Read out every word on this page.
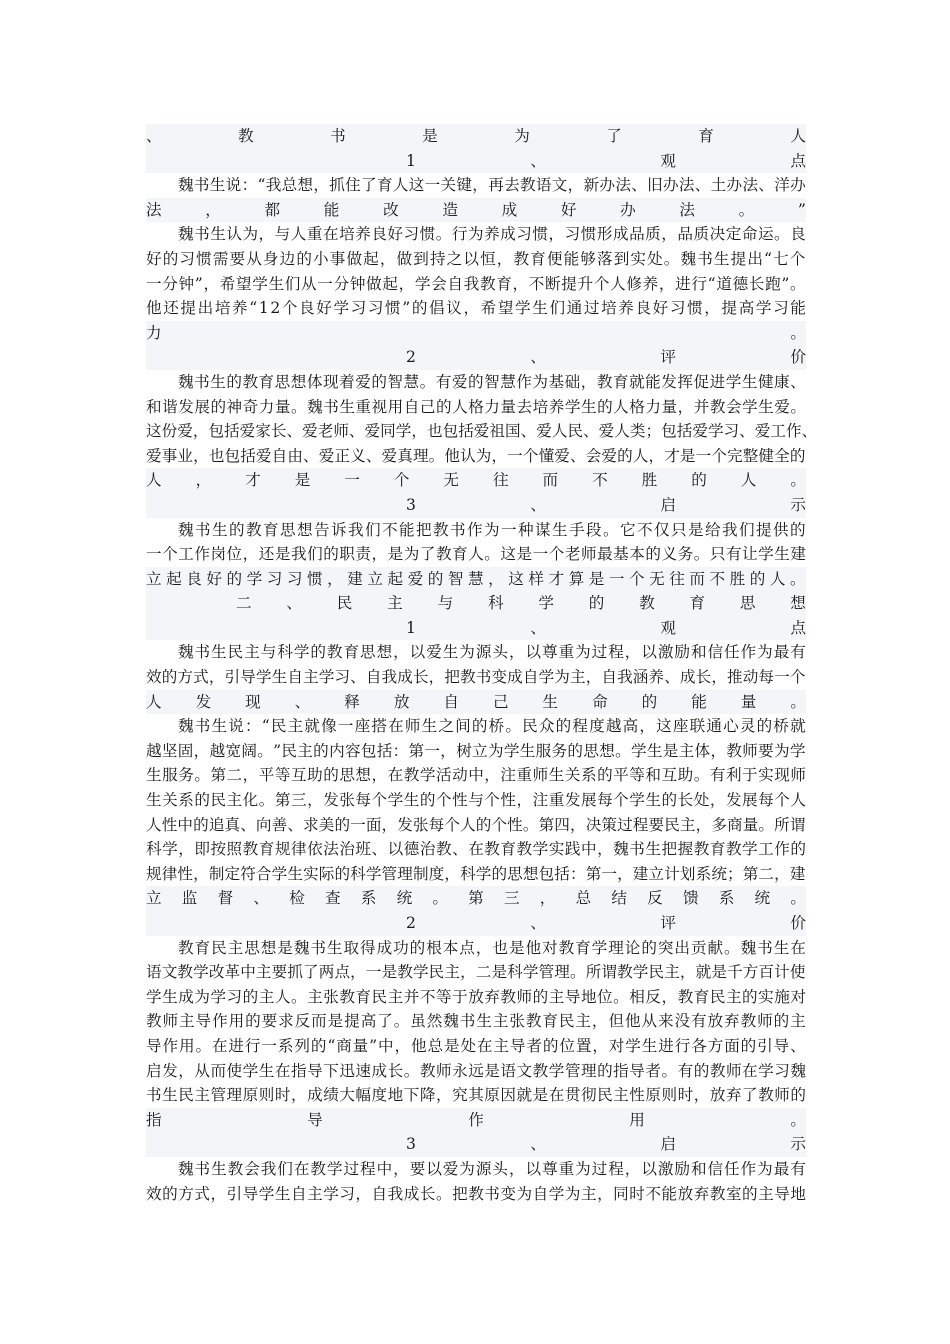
、	教	书	是	为	了	育	人
1	、	观	点
魏 书 生 说 ： “ 我 总 想 ， 抓 住 了 育 人 这 一 关 键 ， 再 去 教 语 文 ， 新 办 法 、 旧 办 法 、 土 办 法 、 洋 办
法	，	都	能	改	造	成	好	办	法	。	”
魏 书 生 认 为 ， 与 人 重 在 培 养 良 好 习 惯 。 行 为 养 成 习 惯 ， 习 惯 形 成 品 质 ， 品 质 决 定 命 运 。 良
好 的 习 惯 需 要 从 身 边 的 小 事 做 起 ， 做 到 持 之 以 恒 ， 教 育 便 能 够 落 到 实 处 。 魏 书 生 提 出 “ 七 个
一 分 钟 ” ， 希 望 学 生 们 从 一 分 钟 做 起 ， 学 会 自 我 教 育 ， 不 断 提 升 个 人 修 养 ， 进 行 “ 道 德 长 跑 ” 。
他 还 提 出 培 养 “ 1 2 个 良 好 学 习 习 惯 ” 的 倡 议 ， 希 望 学 生 们 通 过 培 养 良 好 习 惯 ， 提 高 学 习 能
力	。
2	、	评	价
魏 书 生 的 教 育 思 想 体 现 着 爱 的 智 慧 。 有 爱 的 智 慧 作 为 基 础 ， 教 育 就 能 发 挥 促 进 学 生 健 康 、
和 谐 发 展 的 神 奇 力 量 。 魏 书 生 重 视 用 自 己 的 人 格 力 量 去 培 养 学 生 的 人 格 力 量 ， 并 教 会 学 生 爱 。
这 份 爱 ， 包 括 爱 家 长 、 爱 老 师 、 爱 同 学 ， 也 包 括 爱 祖 国 、 爱 人 民 、 爱 人 类 ； 包 括 爱 学 习 、 爱 工 作 、
爱 事 业 ， 也 包 括 爱 自 由 、 爱 正 义 、 爱 真 理 。 他 认 为 ， 一 个 懂 爱 、 会 爱 的 人 ， 才 是 一 个 完 整 健 全 的
人 ， 才 是 一 个 无 往 而 不 胜 的 人 。
3	、	启	示
魏 书 生 的 教 育 思 想 告 诉 我 们 不 能 把 教 书 作 为 一 种 谋 生 手 段 。 它 不 仅 只 是 给 我 们 提 供 的
一 个 工 作 岗 位 ， 还 是 我 们 的 职 责 ， 是 为 了 教 育 人 。 这 是 一 个 老 师 最 基 本 的 义 务 。 只 有 让 学 生 建
立 起 良 好 的 学 习 习 惯 ， 建 立 起 爱 的 智 慧 ， 这 样 才 算 是 一 个 无 往 而 不 胜 的 人 。
二 、 民 主 与 科 学 的 教 育 思 想
1	、	观	点
魏 书 生 民 主 与 科 学 的 教 育 思 想 ， 以 爱 生 为 源 头 ， 以 尊 重 为 过 程 ， 以 激 励 和 信 任 作 为 最 有
效 的 方 式 ， 引 导 学 生 自 主 学 习 、 自 我 成 长 ， 把 教 书 变 成 自 学 为 主 ， 自 我 涵 养 、 成 长 ， 推 动 每 一 个
人 发 现 、 释 放 自 己 生 命 的 能 量 。
魏 书 生 说 ： “ 民 主 就 像 一 座 搭 在 师 生 之 间 的 桥 。 民 众 的 程 度 越 高 ， 这 座 联 通 心 灵 的 桥 就
越 坚 固 ， 越 宽 阔 。 ” 民 主 的 内 容 包 括 ： 第 一 ， 树 立 为 学 生 服 务 的 思 想 。 学 生 是 主 体 ， 教 师 要 为 学
生 服 务 。 第 二 ， 平 等 互 助 的 思 想 ， 在 教 学 活 动 中 ， 注 重 师 生 关 系 的 平 等 和 互 助 。 有 利 于 实 现 师
生 关 系 的 民 主 化 。 第 三 ， 发 张 每 个 学 生 的 个 性 与 个 性 ， 注 重 发 展 每 个 学 生 的 长 处 ， 发 展 每 个 人
人 性 中 的 追 真 、 向 善 、 求 美 的 一 面 ， 发 张 每 个 人 的 个 性 。 第 四 ， 决 策 过 程 要 民 主 ， 多 商 量 。 所 谓
科 学 ， 即 按 照 教 育 规 律 依 法 治 班 、 以 德 治 教 、 在 教 育 教 学 实 践 中 ， 魏 书 生 把 握 教 育 教 学 工 作 的
规 律 性 ， 制 定 符 合 学 生 实 际 的 科 学 管 理 制 度 ， 科 学 的 思 想 包 括 ： 第 一 ， 建 立 计 划 系 统 ； 第 二 ， 建
立 监 督 、 检 查 系 统 。 第 三 ， 总 结 反 馈 系 统 。
2	、	评	价
教 育 民 主 思 想 是 魏 书 生 取 得 成 功 的 根 本 点 ， 也 是 他 对 教 育 学 理 论 的 突 出 贡 献 。 魏 书 生 在
语 文 教 学 改 革 中 主 要 抓 了 两 点 ， 一 是 教 学 民 主 ， 二 是 科 学 管 理 。 所 谓 教 学 民 主 ， 就 是 千 方 百 计 使
学 生 成 为 学 习 的 主 人 。 主 张 教 育 民 主 并 不 等 于 放 弃 教 师 的 主 导 地 位 。 相 反 ， 教 育 民 主 的 实 施 对
教 师 主 导 作 用 的 要 求 反 而 是 提 高 了 。 虽 然 魏 书 生 主 张 教 育 民 主 ， 但 他 从 来 没 有 放 弃 教 师 的 主
导 作 用 。 在 进 行 一 系 列 的 “ 商 量 ” 中 ， 他 总 是 处 在 主 导 者 的 位 置 ， 对 学 生 进 行 各 方 面 的 引 导 、
启 发 ， 从 而 使 学 生 在 指 导 下 迅 速 成 长 。 教 师 永 远 是 语 文 教 学 管 理 的 指 导 者 。 有 的 教 师 在 学 习 魏
书 生 民 主 管 理 原 则 时 ， 成 绩 大 幅 度 地 下 降 ， 究 其 原 因 就 是 在 贯 彻 民 主 性 原 则 时 ， 放 弃 了 教 师 的
指	导	作	用	。
3	、	启	示
魏 书 生 教 会 我 们 在 教 学 过 程 中 ， 要 以 爱 为 源 头 ， 以 尊 重 为 过 程 ， 以 激 励 和 信 任 作 为 最 有
效 的 方 式 ， 引 导 学 生 自 主 学 习 ， 自 我 成 长 。 把 教 书 变 为 自 学 为 主 ， 同 时 不 能 放 弃 教 室 的 主 导 地
